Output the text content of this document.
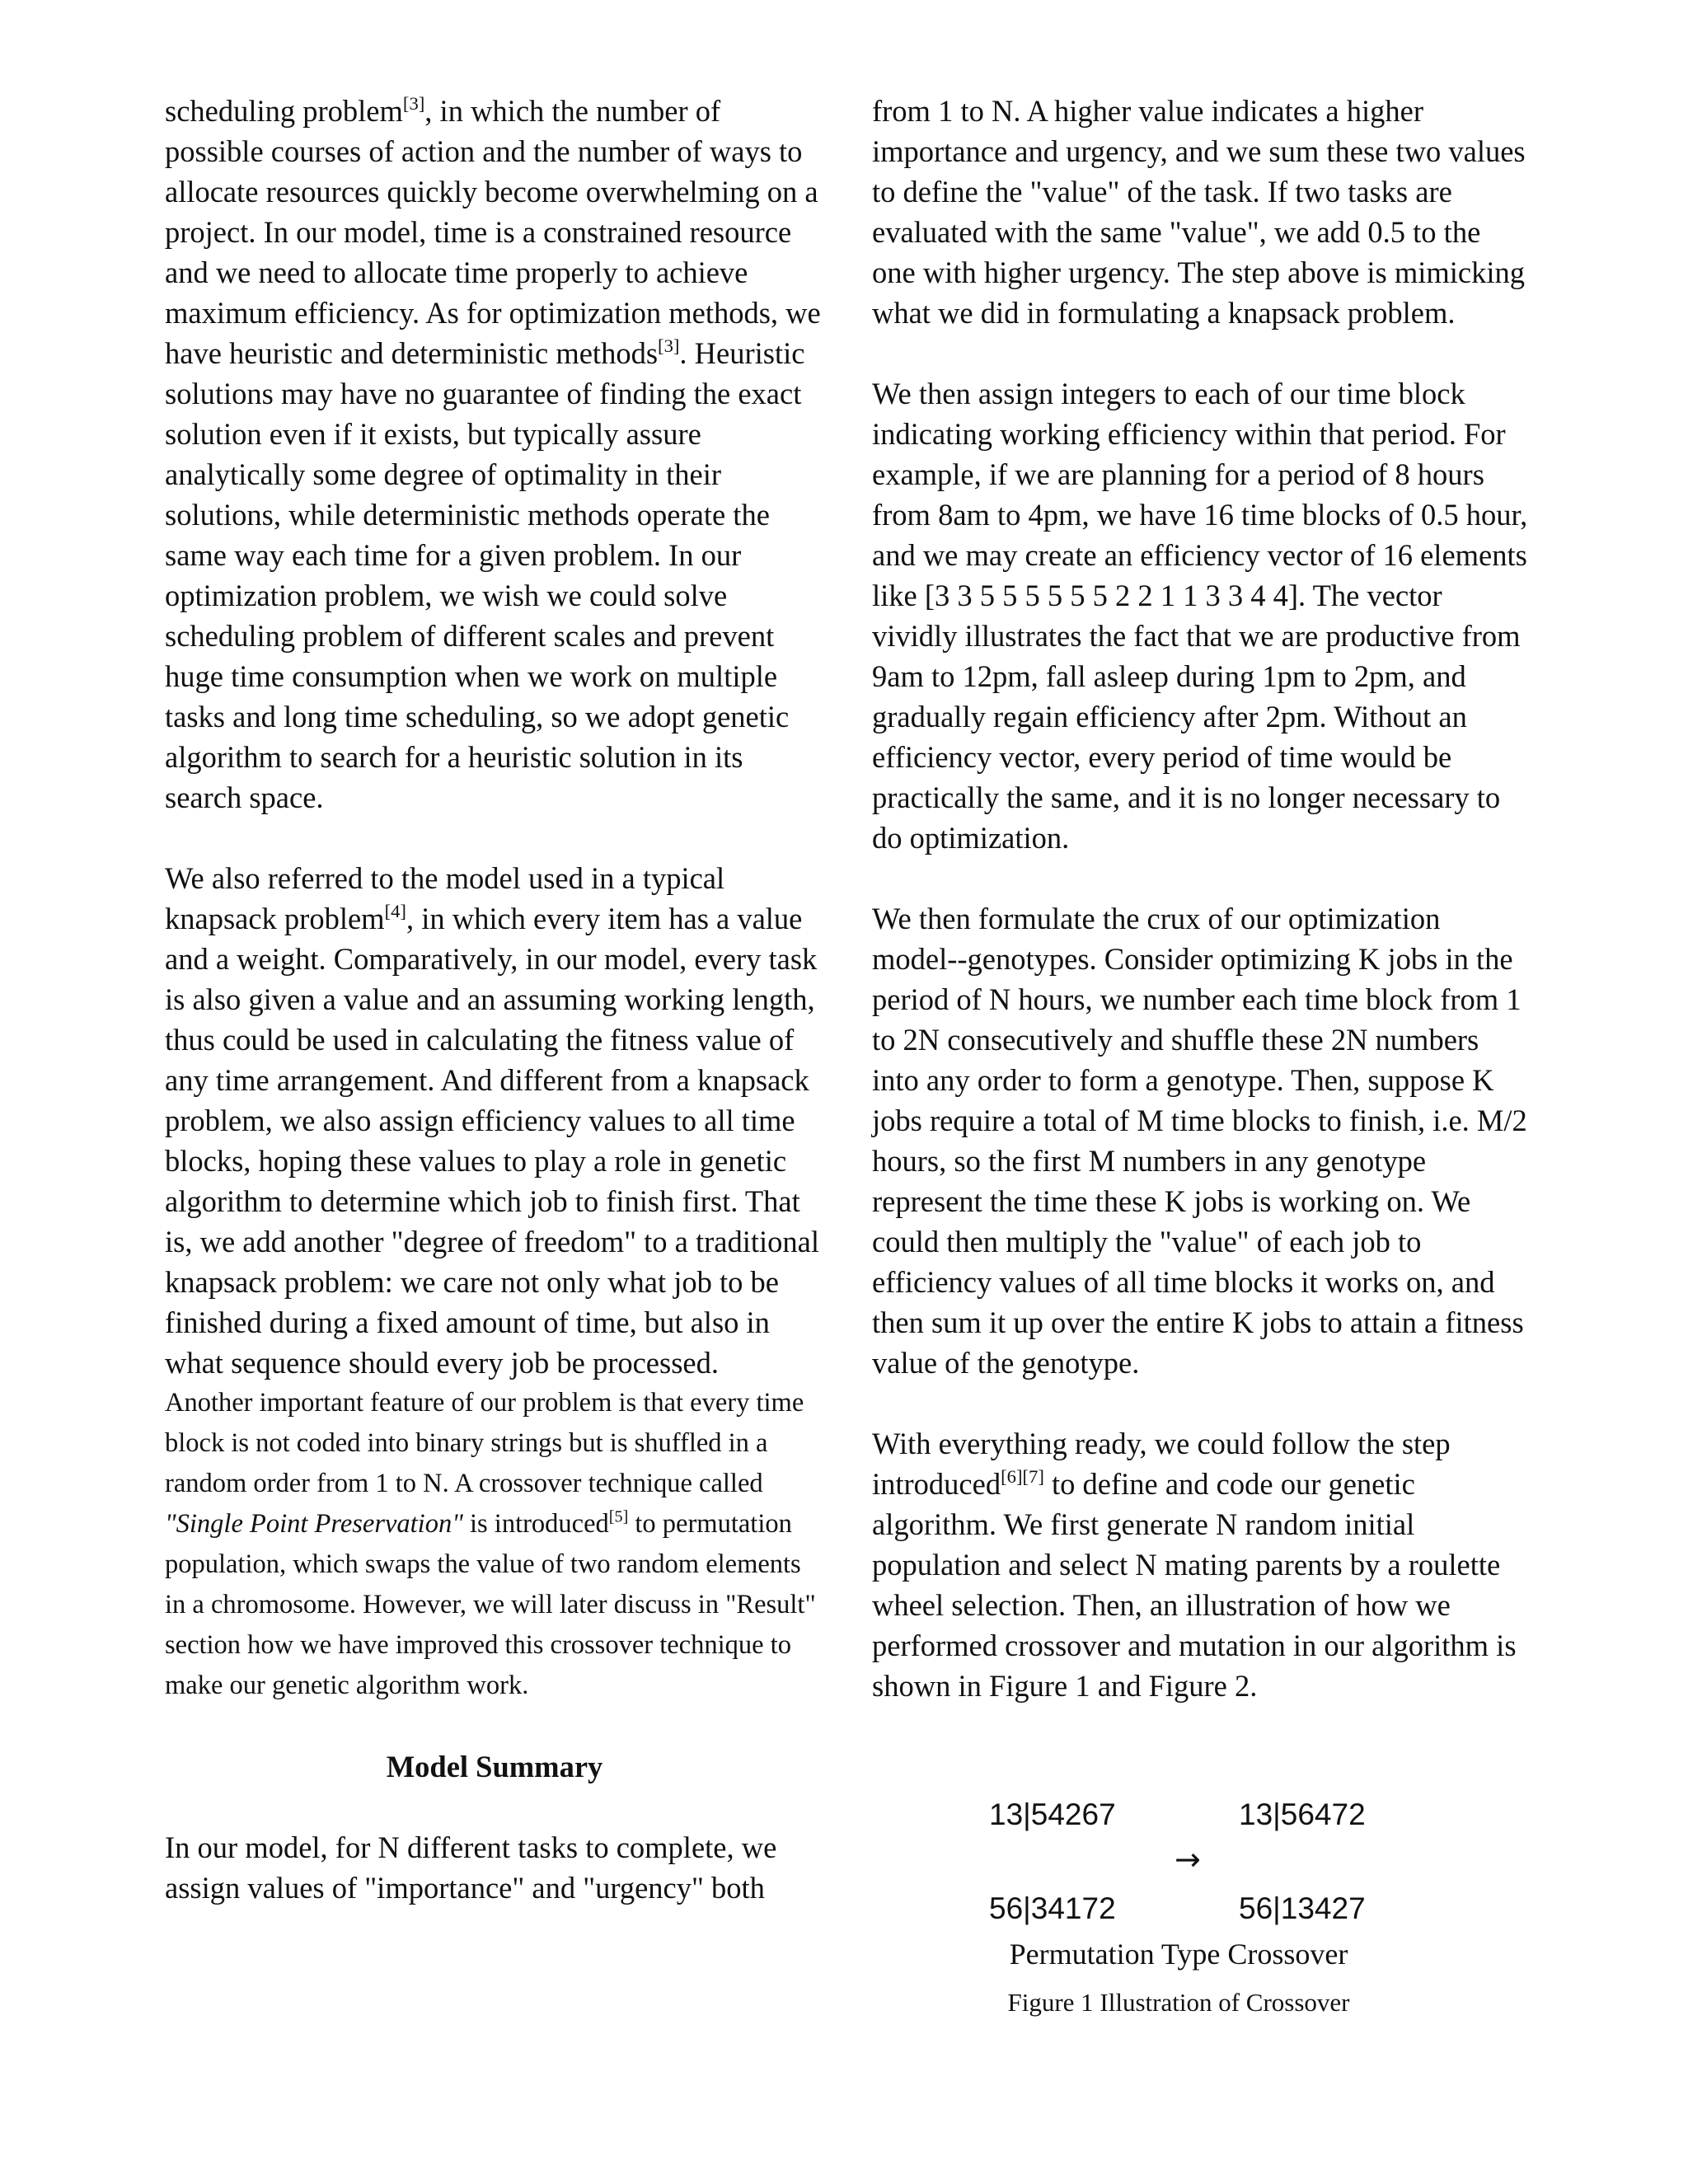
scheduling problem[3], in which the number of possible courses of action and the number of ways to allocate resources quickly become overwhelming on a project. In our model, time is a constrained resource and we need to allocate time properly to achieve maximum efficiency. As for optimization methods, we have heuristic and deterministic methods[3]. Heuristic solutions may have no guarantee of finding the exact solution even if it exists, but typically assure analytically some degree of optimality in their solutions, while deterministic methods operate the same way each time for a given problem. In our optimization problem, we wish we could solve scheduling problem of different scales and prevent huge time consumption when we work on multiple tasks and long time scheduling, so we adopt genetic algorithm to search for a heuristic solution in its search space.

We also referred to the model used in a typical knapsack problem[4], in which every item has a value and a weight. Comparatively, in our model, every task is also given a value and an assuming working length, thus could be used in calculating the fitness value of any time arrangement. And different from a knapsack problem, we also assign efficiency values to all time blocks, hoping these values to play a role in genetic algorithm to determine which job to finish first. That is, we add another "degree of freedom" to a traditional knapsack problem: we care not only what job to be finished during a fixed amount of time, but also in what sequence should every job be processed.

Another important feature of our problem is that every time block is not coded into binary strings but is shuffled in a random order from 1 to N. A crossover technique called "Single Point Preservation" is introduced[5] to permutation population, which swaps the value of two random elements in a chromosome. However, we will later discuss in "Result" section how we have improved this crossover technique to make our genetic algorithm work.

Model Summary

In our model, for N different tasks to complete, we assign values of "importance" and "urgency" both

from 1 to N. A higher value indicates a higher importance and urgency, and we sum these two values to define the "value" of the task. If two tasks are evaluated with the same "value", we add 0.5 to the one with higher urgency. The step above is mimicking what we did in formulating a knapsack problem.

We then assign integers to each of our time block indicating working efficiency within that period. For example, if we are planning for a period of 8 hours from 8am to 4pm, we have 16 time blocks of 0.5 hour, and we may create an efficiency vector of 16 elements like [3 3 5 5 5 5 5 5 2 2 1 1 3 3 4 4]. The vector vividly illustrates the fact that we are productive from 9am to 12pm, fall asleep during 1pm to 2pm, and gradually regain efficiency after 2pm. Without an efficiency vector, every period of time would be practically the same, and it is no longer necessary to do optimization.

We then formulate the crux of our optimization model--genotypes. Consider optimizing K jobs in the period of N hours, we number each time block from 1 to 2N consecutively and shuffle these 2N numbers into any order to form a genotype. Then, suppose K jobs require a total of M time blocks to finish, i.e. M/2 hours, so the first M numbers in any genotype represent the time these K jobs is working on. We could then multiply the "value" of each job to efficiency values of all time blocks it works on, and then sum it up over the entire K jobs to attain a fitness value of the genotype.

With everything ready, we could follow the step introduced[6][7] to define and code our genetic algorithm. We first generate N random initial population and select N mating parents by a roulette wheel selection. Then, an illustration of how we performed crossover and mutation in our algorithm is shown in Figure 1 and Figure 2.

13|54267	13|56472
→
56|34172	56|13427
Permutation Type Crossover
Figure 1 Illustration of Crossover
